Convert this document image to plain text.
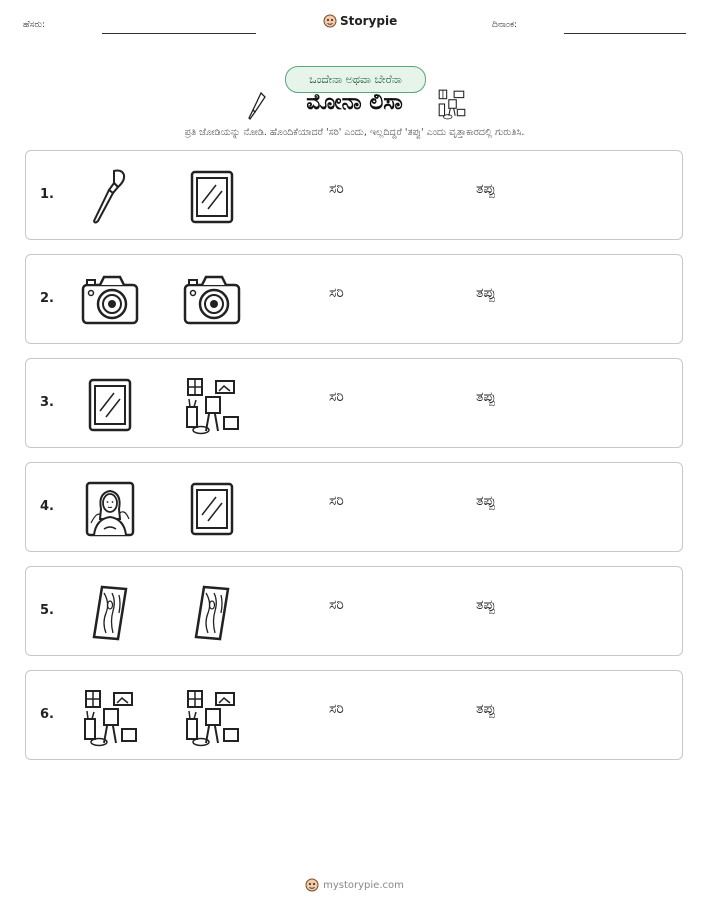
ಹೆಸರು:	Storypie	ದಿನಾಂಕ:
ಒಂದೇನಾ ಅಥವಾ ಬೇರೆನಾ
ಮೋನಾ ಲಿಸಾ
ಪ್ರತಿ ಜೋಡಿಯನ್ನು ನೋಡಿ. ಹೊಂದಿಕೆಯಾದರೆ 'ಸರಿ' ಎಂದು, ಇಲ್ಲದಿದ್ದರೆ 'ತಪ್ಪು' ಎಂದು ವೃತ್ತಾಕಾರದಲ್ಲಿ ಗುರುತಿಸಿ.
1.	ಸರಿ	ತಪ್ಪು
2.	ಸರಿ	ತಪ್ಪು
3.	ಸರಿ	ತಪ್ಪು
4.	ಸರಿ	ತಪ್ಪು
5.	ಸರಿ	ತಪ್ಪು
6.	ಸರಿ	ತಪ್ಪು
mystorypie.com
